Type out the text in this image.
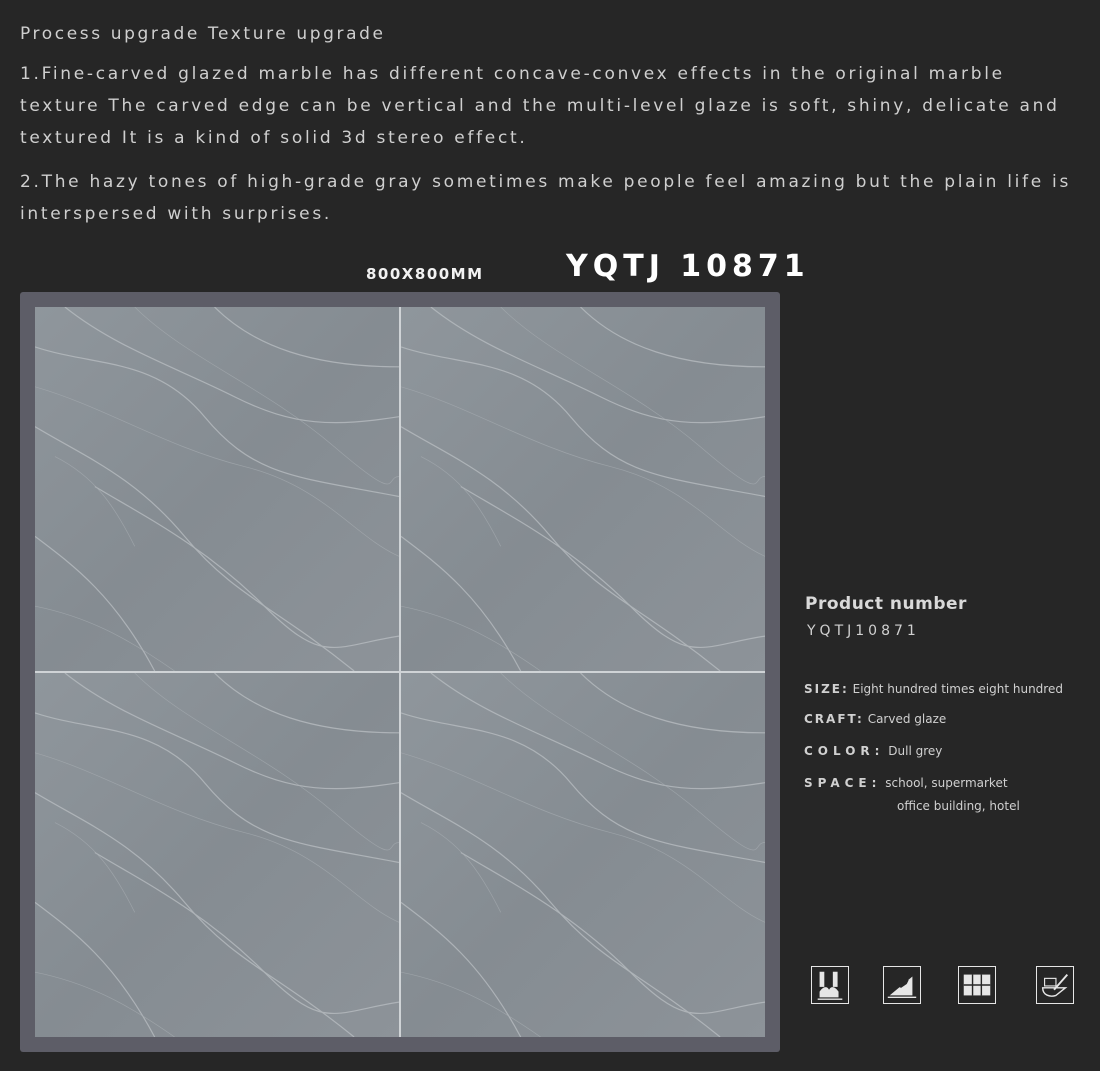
Process upgrade Texture upgrade
1.Fine-carved glazed marble has different concave-convex effects in the original marble texture The carved edge can be vertical and the multi-level glaze is soft, shiny, delicate and textured It is a kind of solid 3d stereo effect.
2.The hazy tones of high-grade gray sometimes make people feel amazing but the plain life is interspersed with surprises.
800X800MM	YQTJ 10871
Product number
YQTJ10871
SIZE: Eight hundred times eight hundred
CRAFT: Carved glaze
COLOR: Dull grey
SPACE: school, supermarket
office building, hotel
